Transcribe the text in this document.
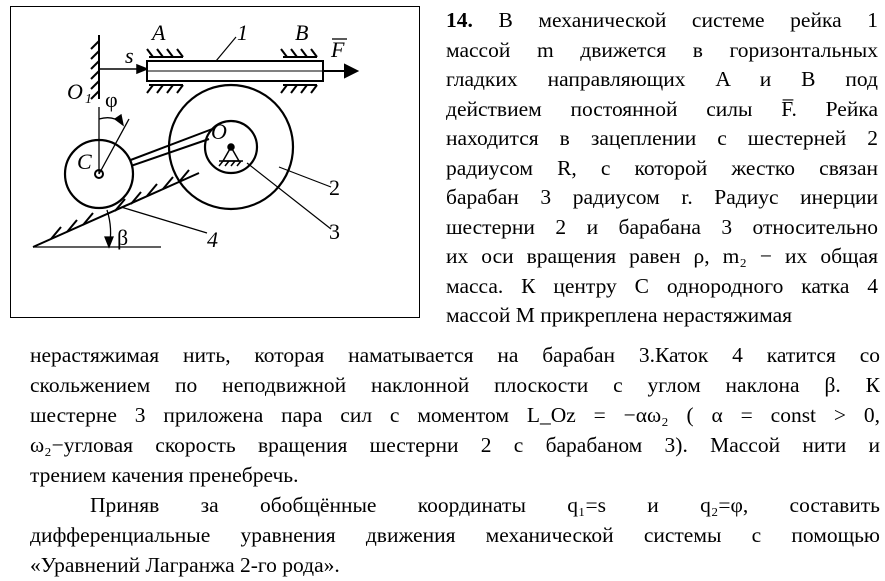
A	B
1
s	F
O 1 φ
C
O
2
3
4
β
14. В механической системе рейка 1
массой m движется в горизонтальных
гладких направляющих A и B под
действием постоянной силы F̅. Рейка
находится в зацеплении с шестерней 2
радиусом R, с которой жестко связан
барабан 3 радиусом r. Радиус инерции
шестерни 2 и барабана 3 относительно
их оси вращения равен ρ, m₂ − их общая
масса. К центру C однородного катка 4
массой M прикреплена нерастяжимая
нерастяжимая нить, которая наматывается на барабан 3.Каток 4 катится со
скольжением по неподвижной наклонной плоскости с углом наклона β. К
шестерне 3 приложена пара сил с моментом L_Oz = −αω₂ ( α = const > 0,
ω₂−угловая скорость вращения шестерни 2 с барабаном 3). Массой нити и
трением качения пренебречь.
Приняв за обобщённые координаты q₁=s и q₂=φ, составить
дифференциальные уравнения движения механической системы с помощью
«Уравнений Лагранжа 2-го рода».
